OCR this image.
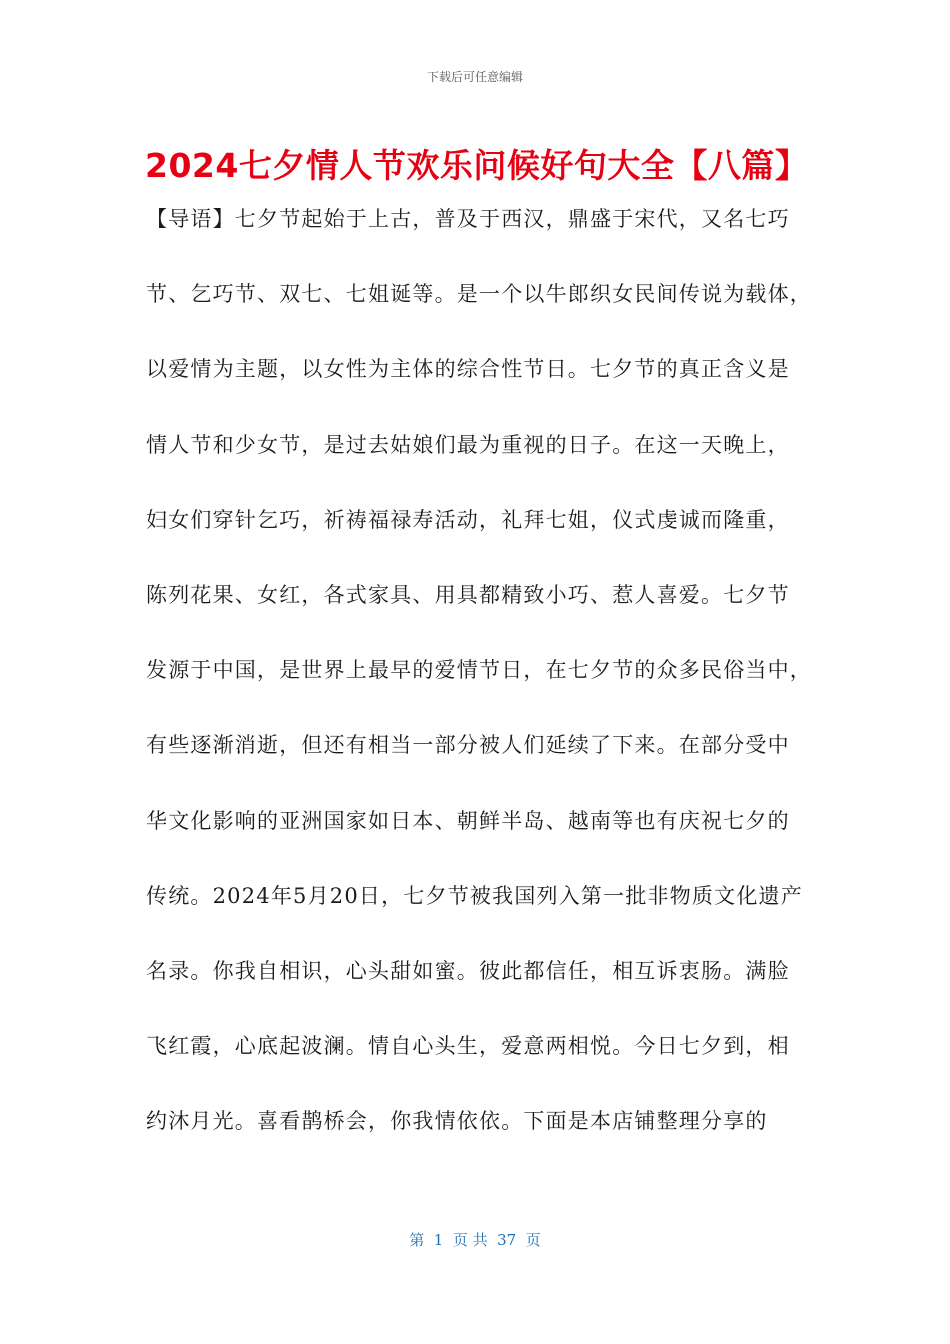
下载后可任意编辑
2024七夕情人节欢乐问候好句大全【八篇】
【导语】七夕节起始于上古，普及于西汉，鼎盛于宋代，又名七巧
节、乞巧节、双七、七姐诞等。是一个以牛郎织女民间传说为载体，
以爱情为主题，以女性为主体的综合性节日。七夕节的真正含义是
情人节和少女节，是过去姑娘们最为重视的日子。在这一天晚上，
妇女们穿针乞巧，祈祷福禄寿活动，礼拜七姐，仪式虔诚而隆重，
陈列花果、女红，各式家具、用具都精致小巧、惹人喜爱。七夕节
发源于中国，是世界上最早的爱情节日，在七夕节的众多民俗当中，
有些逐渐消逝，但还有相当一部分被人们延续了下来。在部分受中
华文化影响的亚洲国家如日本、朝鲜半岛、越南等也有庆祝七夕的
传统。2024年5月20日，七夕节被我国列入第一批非物质文化遗产
名录。你我自相识，心头甜如蜜。彼此都信任，相互诉衷肠。满脸
飞红霞，心底起波澜。情自心头生，爱意两相悦。今日七夕到，相
约沐月光。喜看鹊桥会，你我情依依。下面是本店铺整理分享的
第  1  页 共  37  页
